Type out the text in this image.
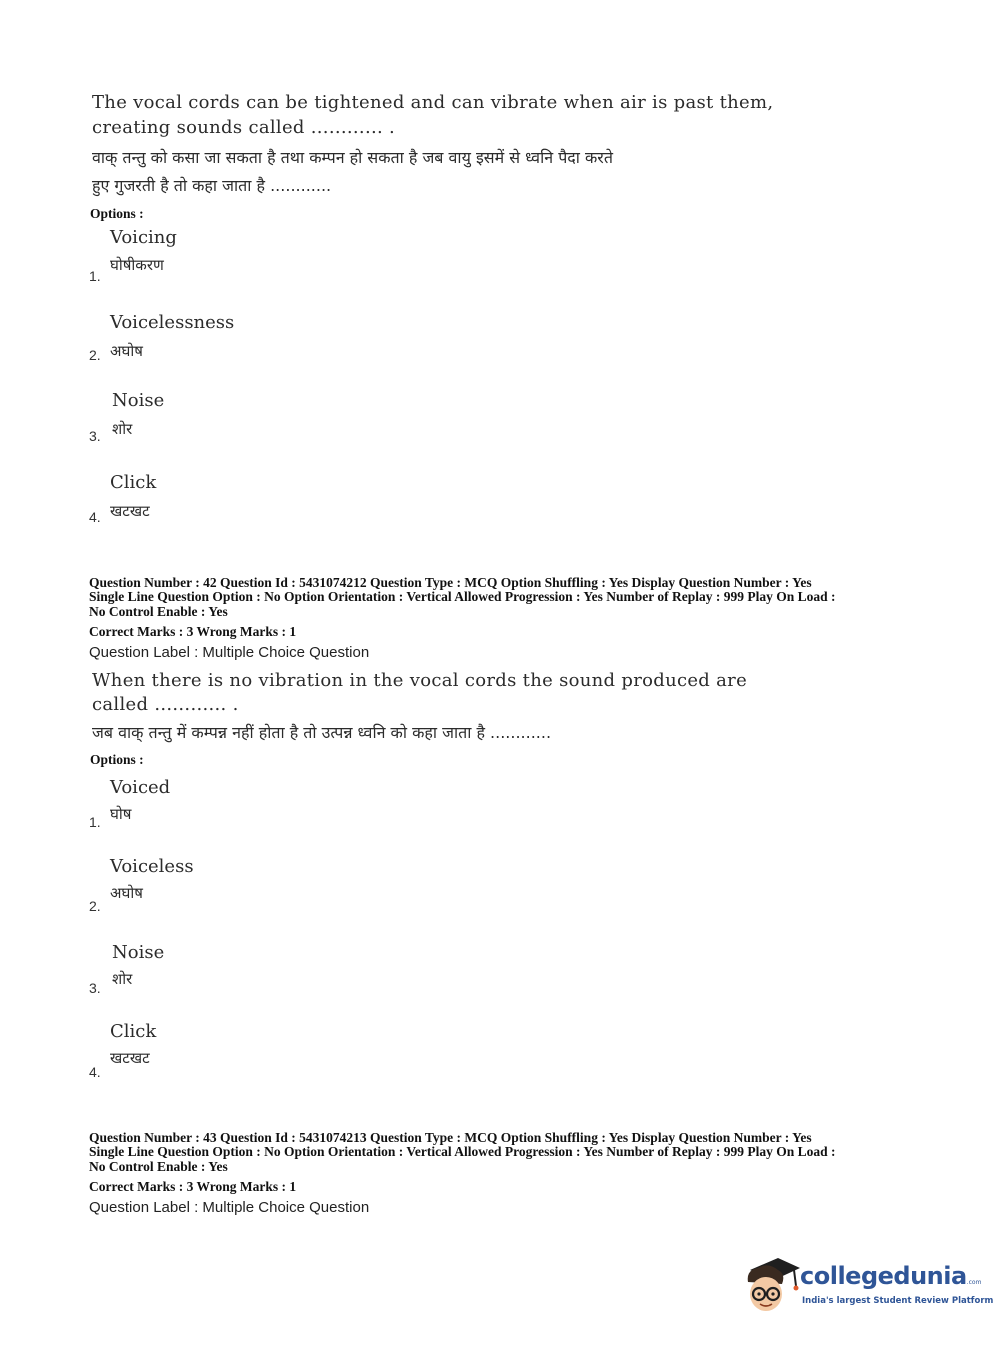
The vocal cords can be tightened and can vibrate when air is past them,
creating sounds called ............ .
वाक् तन्तु को कसा जा सकता है तथा कम्पन हो सकता है जब वायु इसमें से ध्वनि पैदा करते
हुए गुजरती है तो कहा जाता है ............
Options :
Voicing
घोषीकरण
1.
Voicelessness
अघोष
2.
Noise
शोर
3.
Click
खटखट
4.
Question Number : 42 Question Id : 5431074212 Question Type : MCQ Option Shuffling : Yes Display Question Number : Yes
Single Line Question Option : No Option Orientation : Vertical Allowed Progression : Yes Number of Replay : 999 Play On Load :
No Control Enable : Yes
Correct Marks : 3 Wrong Marks : 1
Question Label : Multiple Choice Question
When there is no vibration in the vocal cords the sound produced are
called ............ .
जब वाक् तन्तु में कम्पन्न नहीं होता है तो उत्पन्न ध्वनि को कहा जाता है ............
Options :
Voiced
घोष
1.
Voiceless
अघोष
2.
Noise
शोर
3.
Click
खटखट
4.
Question Number : 43 Question Id : 5431074213 Question Type : MCQ Option Shuffling : Yes Display Question Number : Yes
Single Line Question Option : No Option Orientation : Vertical Allowed Progression : Yes Number of Replay : 999 Play On Load :
No Control Enable : Yes
Correct Marks : 3 Wrong Marks : 1
Question Label : Multiple Choice Question
collegedunia.com
India's largest Student Review Platform
